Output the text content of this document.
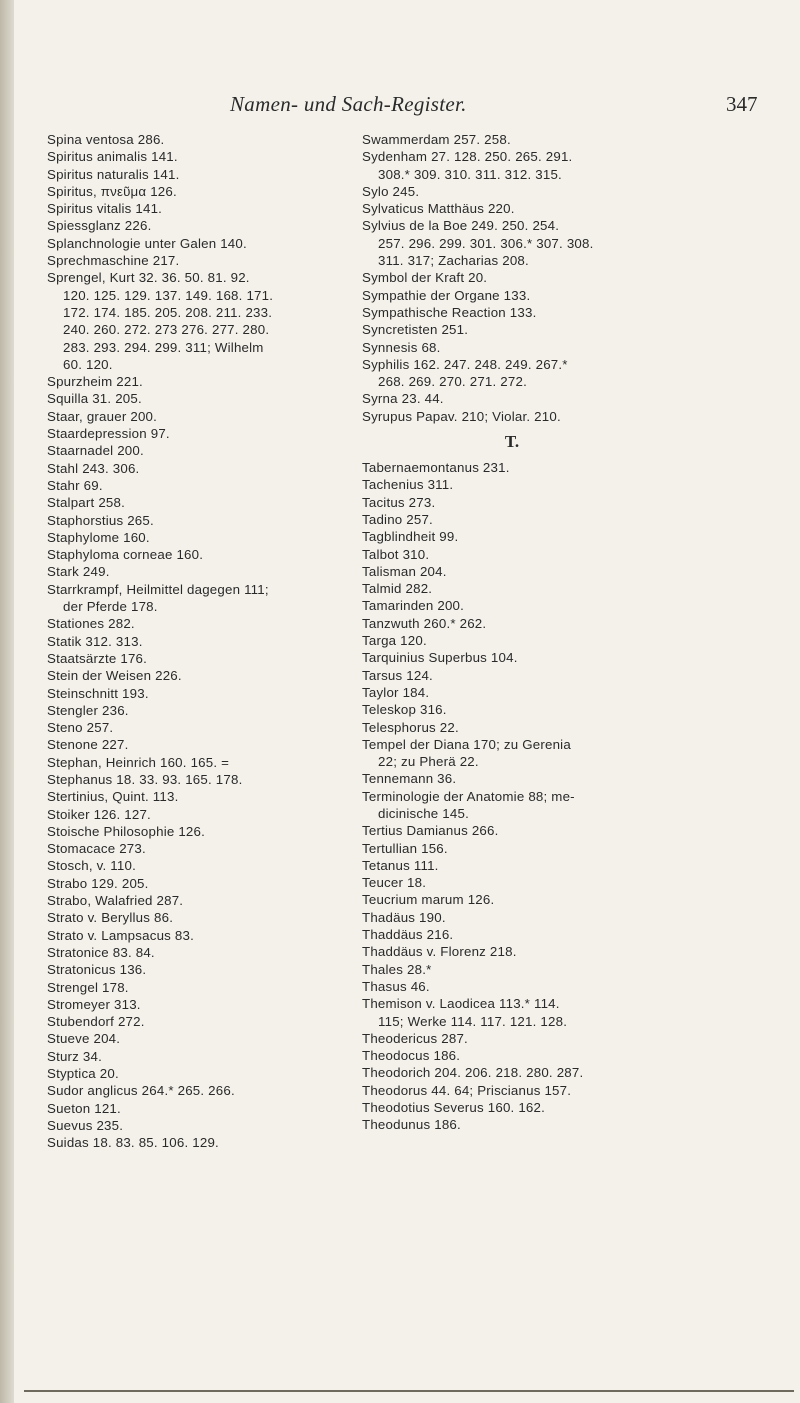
Namen- und Sach-Register.	347
Spina ventosa 286.
Spiritus animalis 141.
Spiritus naturalis 141.
Spiritus, πνεῦμα 126.
Spiritus vitalis 141.
Spiessglanz 226.
Splanchnologie unter Galen 140.
Sprechmaschine 217.
Sprengel, Kurt 32. 36. 50. 81. 92.
120. 125. 129. 137. 149. 168. 171.
172. 174. 185. 205. 208. 211. 233.
240. 260. 272. 273 276. 277. 280.
283. 293. 294. 299. 311; Wilhelm
60. 120.
Spurzheim 221.
Squilla 31. 205.
Staar, grauer 200.
Staardepression 97.
Staarnadel 200.
Stahl 243. 306.
Stahr 69.
Stalpart 258.
Staphorstius 265.
Staphylome 160.
Staphyloma corneae 160.
Stark 249.
Starrkrampf, Heilmittel dagegen 111;
der Pferde 178.
Stationes 282.
Statik 312. 313.
Staatsärzte 176.
Stein der Weisen 226.
Steinschnitt 193.
Stengler 236.
Steno 257.
Stenone 227.
Stephan, Heinrich 160. 165. =
Stephanus 18. 33. 93. 165. 178.
Stertinius, Quint. 113.
Stoiker 126. 127.
Stoische Philosophie 126.
Stomacace 273.
Stosch, v. 110.
Strabo 129. 205.
Strabo, Walafried 287.
Strato v. Beryllus 86.
Strato v. Lampsacus 83.
Stratonice 83. 84.
Stratonicus 136.
Strengel 178.
Stromeyer 313.
Stubendorf 272.
Stueve 204.
Sturz 34.
Styptica 20.
Sudor anglicus 264.* 265. 266.
Sueton 121.
Suevus 235.
Suidas 18. 83. 85. 106. 129.
Swammerdam 257. 258.
Sydenham 27. 128. 250. 265. 291.
308.* 309. 310. 311. 312. 315.
Sylo 245.
Sylvaticus Matthäus 220.
Sylvius de la Boe 249. 250. 254.
257. 296. 299. 301. 306.* 307. 308.
311. 317; Zacharias 208.
Symbol der Kraft 20.
Sympathie der Organe 133.
Sympathische Reaction 133.
Syncretisten 251.
Synnesis 68.
Syphilis 162. 247. 248. 249. 267.*
268. 269. 270. 271. 272.
Syrna 23. 44.
Syrupus Papav. 210; Violar. 210.
T.
Tabernaemontanus 231.
Tachenius 311.
Tacitus 273.
Tadino 257.
Tagblindheit 99.
Talbot 310.
Talisman 204.
Talmid 282.
Tamarinden 200.
Tanzwuth 260.* 262.
Targa 120.
Tarquinius Superbus 104.
Tarsus 124.
Taylor 184.
Teleskop 316.
Telesphorus 22.
Tempel der Diana 170; zu Gerenia
22; zu Pherä 22.
Tennemann 36.
Terminologie der Anatomie 88; me-
dicinische 145.
Tertius Damianus 266.
Tertullian 156.
Tetanus 111.
Teucer 18.
Teucrium marum 126.
Thadäus 190.
Thaddäus 216.
Thaddäus v. Florenz 218.
Thales 28.*
Thasus 46.
Themison v. Laodicea 113.* 114.
115; Werke 114. 117. 121. 128.
Theodericus 287.
Theodocus 186.
Theodorich 204. 206. 218. 280. 287.
Theodorus 44. 64; Priscianus 157.
Theodotius Severus 160. 162.
Theodunus 186.
